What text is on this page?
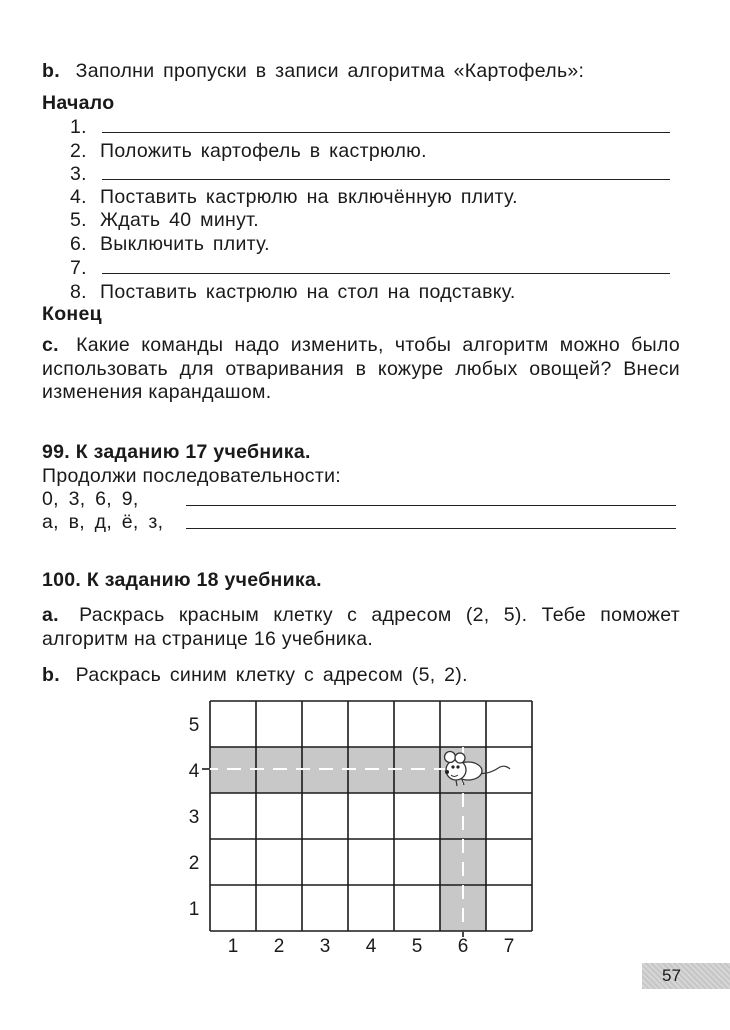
b. Заполни пропуски в записи алгоритма «Картофель»:
Начало
1.
2. Положить картофель в кастрюлю.
3.
4. Поставить кастрюлю на включённую плиту.
5. Ждать 40 минут.
6. Выключить плиту.
7.
8. Поставить кастрюлю на стол на подставку.
Конец
c. Какие команды надо изменить, чтобы алгоритм можно было использовать для отваривания в кожуре любых овощей? Внеси изменения карандашом.
99. К заданию 17 учебника.
Продолжи последовательности:
0, 3, 6, 9,
а, в, д, ё, з,
100. К заданию 18 учебника.
a. Раскрась красным клетку с адресом (2, 5). Тебе поможет алгоритм на странице 16 учебника.
b. Раскрась синим клетку с адресом (5, 2).
1 2 3 4 5 6 7
1
2
3
4
5
57
